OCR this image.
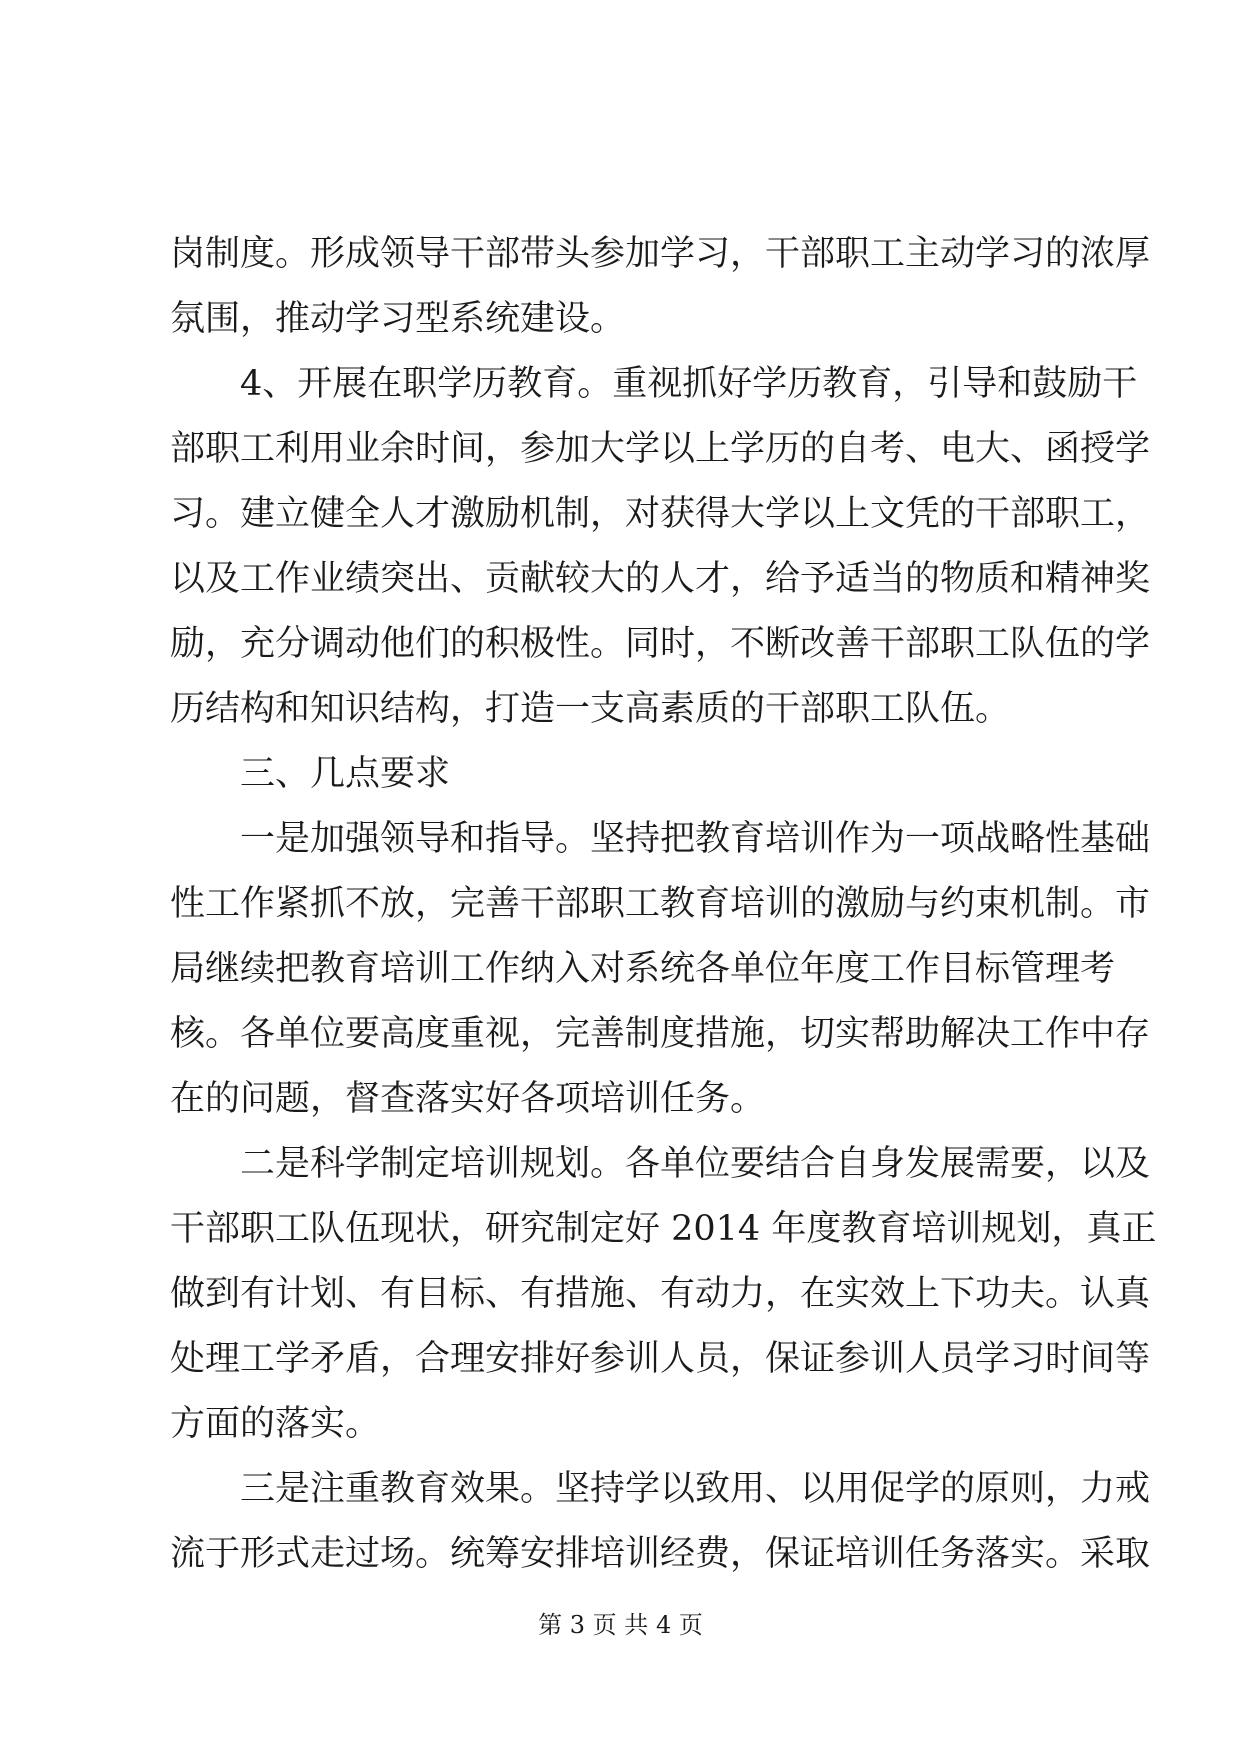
岗制度。形成领导干部带头参加学习，干部职工主动学习的浓厚
氛围，推动学习型系统建设。
4、开展在职学历教育。重视抓好学历教育，引导和鼓励干
部职工利用业余时间，参加大学以上学历的自考、电大、函授学
习。建立健全人才激励机制，对获得大学以上文凭的干部职工，
以及工作业绩突出、贡献较大的人才，给予适当的物质和精神奖
励，充分调动他们的积极性。同时，不断改善干部职工队伍的学
历结构和知识结构，打造一支高素质的干部职工队伍。
三、几点要求
一是加强领导和指导。坚持把教育培训作为一项战略性基础
性工作紧抓不放，完善干部职工教育培训的激励与约束机制。市
局继续把教育培训工作纳入对系统各单位年度工作目标管理考
核。各单位要高度重视，完善制度措施，切实帮助解决工作中存
在的问题，督查落实好各项培训任务。
二是科学制定培训规划。各单位要结合自身发展需要，以及
干部职工队伍现状，研究制定好 2014 年度教育培训规划，真正
做到有计划、有目标、有措施、有动力，在实效上下功夫。认真
处理工学矛盾，合理安排好参训人员，保证参训人员学习时间等
方面的落实。
三是注重教育效果。坚持学以致用、以用促学的原则，力戒
流于形式走过场。统筹安排培训经费，保证培训任务落实。采取
第 3 页 共 4 页
